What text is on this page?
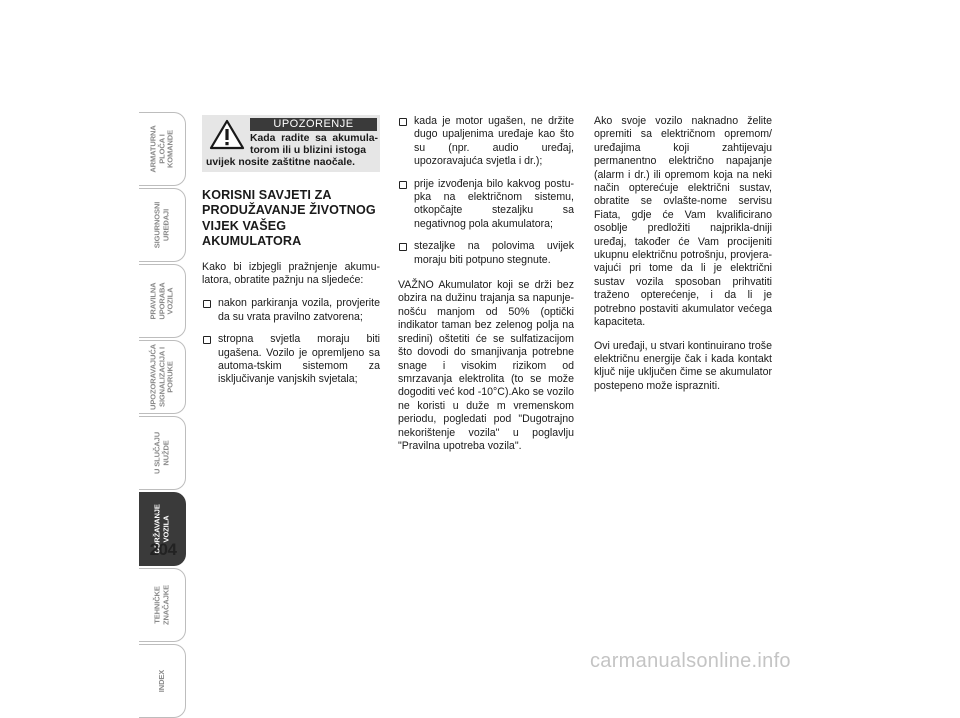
ARMATURNA
PLOČA I
KOMANDE
SIGURNOSNI
UREĐAJI
PRAVILNA
UPORABA
VOZILA
UPOZORAVAJUĆA
SIGNALIZACIJA I
PORUKE
U SLUČAJU
NUŽDE
ODRŽAVANJE
VOZILA
TEHNIČKE
ZNAČAJKE
INDEX
204
UPOZORENJE
Kada radite sa akumula-torom ili u blizini istoga
uvijek nosite zaštitne naočale.
KORISNI SAVJETI ZA PRODUŽAVANJE ŽIVOTNOG VIJEK VAŠEG AKUMULATORA

Kako bi izbjegli pražnjenje akumu-latora, obratite pažnju na sljedeće:

nakon parkiranja vozila, provjerite da su vrata pravilno zatvorena;
stropna svjetla moraju biti ugašena. Vozilo je opremljeno sa automa-tskim sistemom za isključivanje vanjskih svjetala;
kada je motor ugašen, ne držite dugo upaljenima uređaje kao što su (npr. audio uređaj, upozoravajuća svjetla i dr.);
prije izvođenja bilo kakvog postu-pka na električnom sistemu, otkopčajte stezaljku sa negativnog pola akumulatora;
stezaljke na polovima uvijek moraju biti potpuno stegnute.

VAŽNO Akumulator koji se drži bez obzira na dužinu trajanja sa napunje-nošću manjom od 50% (optički indikator taman bez zelenog polja na sredini) oštetiti će se sulfatizacijom što dovodi do smanjivanja potrebne snage i visokim rizikom od smrzavanja elektrolita (to se može dogoditi već kod -10°C).Ako se vozilo ne koristi u duže m vremenskom periodu, pogledati pod "Dugotrajno nekorištenje vozila" u poglavlju "Pravilna upotreba vozila".

Ako svoje vozilo naknadno želite opremiti sa električnom opremom/ uređajima koji zahtijevaju permanentno električno napajanje (alarm i dr.) ili opremom koja na neki način opterećuje električni sustav, obratite se ovlašte-nome servisu Fiata, gdje će Vam kvalificirano osoblje predložiti najprikla-dniji uređaj, također će Vam procijeniti ukupnu električnu potrošnju, provjera-vajući pri tome da li je električni sustav vozila sposoban prihvatiti traženo opterećenje, i da li je potrebno postaviti akumulator većega kapaciteta.

Ovi uređaji, u stvari kontinuirano troše električnu energije čak i kada kontakt ključ nije uključen čime se akumulator postepeno može isprazniti.

carmanualsonline.info
